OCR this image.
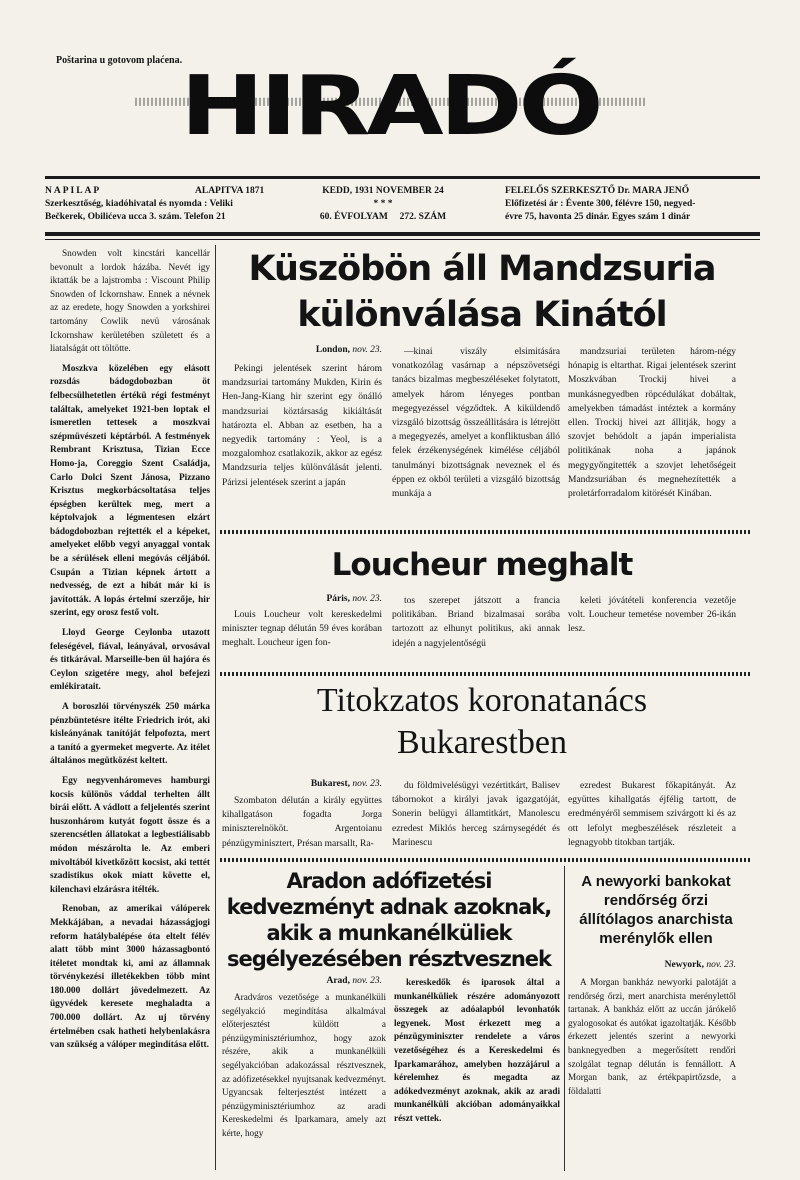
Poštarina u gotovom plaćena.
HIRADÓ
NAPILAP
Szerkesztőség, kiadóhivatal és nyomda : Veliki
Bečkerek, Obilićeva ucca 3. szám. Telefon 21
ALAPITVA 1871	KEDD, 1931 NOVEMBER 24
* * *
60. ÉVFOLYAM 272. SZÁM
FELELŐS SZERKESZTŐ Dr. MARA JENŐ
Előfizetési ár : Évente 300, félévre 150, negyed-
évre 75, havonta 25 dinár. Egyes szám 1 dinár

Snowden volt kincstári kancellár bevonult a lordok házába. Nevét igy iktatták be a lajstromba : Viscount Philip Snowden of Ickornshaw. Ennek a névnek az az eredete, hogy Snowden a yorkshirei tartomány Cowlik nevü városának Ickornshaw kerületében született és a liatalságát ott töltötte.

Moszkva közelében egy elásott rozsdás bádogdobozban öt felbecsülhetetlen értékü régi festményt találtak, amelyeket 1921-ben loptak el ismeretlen tettesek a moszkvai szépmüvészeti képtárból. A festmények Rembrant Krisztusa, Tizian Ecce Homo-ja, Coreggio Szent Családja, Carlo Dolci Szent Jánosa, Pizzano Krisztus megkorbácsoltatása teljes épségben kerültek meg, mert a képtolvajok a légmentesen elzárt bádogdobozban rejtették el a képeket, amelyeket előbb vegyi anyaggal vontak be a sérülések elleni megóvás céljából. Csupán a Tizian képnek ártott a nedvesség, de ezt a hibát már ki is javították. A lopás értelmi szerzője, hir szerint, egy orosz festő volt.

Lloyd George Ceylonba utazott feleségével, fiával, leányával, orvosával és titkárával. Marseille-ben ül hajóra és Ceylon szigetére megy, ahol befejezi emlékiratait.

A boroszlói törvényszék 250 márka pénzbüntetésre itélte Friedrich irót, aki kisleányának tanítóját felpofozta, mert a tanító a gyermeket megverte. Az itélet általános megütközést keltett.

Egy negyvenháromeves hamburgi kocsis különös váddal terhelten állt birái előtt. A vádlott a feljelentés szerint huszonhárom kutyát fogott össze és a szerencsétlen állatokat a legbestiálisabb módon mészárolta le. Az emberi mivoltából kivetkőzött kocsist, aki tettét szadistikus okok miatt követte el, kilenchavi elzárásra itélték.

Renoban, az amerikai válóperek Mekkájában, a nevadai házasságjogi reform hatálybalépése óta eltelt félév alatt több mint 3000 házassagbontó itéletet mondtak ki, ami az államnak törvénykezési illetékekben több mint 180.000 dollárt jövedelmezett. Az ügyvédek keresete meghaladta a 700.000 dollárt. Az uj törvény értelmében csak hatheti helybenlakásra van szükség a válóper megindítása előtt.

Küszöbön áll Mandzsuria különválása Kinától
London, nov. 23.

Pekingi jelentések szerint három mandzsuriai tartomány Mukden, Kirin és Hen-Jang-Kiang hir szerint egy önálló mandzsuriai köztársaság kikiáltását határozta el. Abban az esetben, ha a negyedik tartomány : Yeol, is a mozgalomhoz csatlakozik, akkor az egész Mandzsuria teljes különválását jelenti. Párizsi jelentések szerint a japán

—kinai viszály elsimitására vonatkozólag vasárnap a népszövetségi tanács bizalmas megbeszéléseket folytatott, amelyek három lényeges pontban megegyezéssel végződtek. A kiküldendő vizsgáló bizottság összeállitására is létrejött a megegyezés, amelyet a konfliktusban álló felek érzékenységének kimélése céljából tanulmányi bizottságnak neveznek el és éppen ez okból területi a vizsgáló bizottság munkája a

mandzsuriai területen három-négy hónapig is eltarthat. Rigai jelentések szerint Moszkvában Trockij hivei a munkásnegyedben röpcédulákat dobáltak, amelyekben támadást intéztek a kormány ellen. Trockij hivei azt állitják, hogy a szovjet behódolt a japán imperialista politikának noha a japánok megygyőngitették a szovjet lehetőségeit Mandzsuriában és megnehezítették a proletárforradalom kitörését Kinában.

Loucheur meghalt
Páris, nov. 23.

Louis Loucheur volt kereskedelmi miniszter tegnap délután 59 éves korában meghalt. Loucheur igen fon-

tos szerepet játszott a francia politikában. Briand bizalmasai sorába tartozott az elhunyt politikus, aki annak idején a nagyjelentőségü

keleti jóvátételi konferencia vezetője volt. Loucheur temetése november 26-ikán lesz.

Titokzatos koronatanács
Bukarestben
Bukarest, nov. 23.

Szombaton délután a király együttes kihallgatáson fogadta Jorga miniszterelnököt. Argentoianu pénzügyminisztert, Présan marsallt, Ra-

du földmivelésügyi vezértitkárt, Balisev tábornokot a királyi javak igazgatóját, Sonerin belügyi államtitkárt, Manolescu ezredest Miklós herceg szárnysegédét és Marinescu

ezredest Bukarest főkapitányát. Az együttes kihallgatás éjfélig tartott, de eredményéről semmisem szivárgott ki és az ott lefolyt megbeszélések részleteit a legnagyobb titokban tartják.

Aradon adófizetési kedvezményt adnak azoknak, akik a munkanélküliek segélyezésében résztvesznek
Arad, nov. 23.

Aradváros vezetősége a munkanélküli segélyakció megindítása alkalmával előterjesztést küldött a pénzügyminisztériumhoz, hogy azok részére, akik a munkanélküli segélyakcióban adakozással résztvesznek, az adófizetésekkel nyujtsanak kedvezményt. Ugyancsak felterjesztést intézett a pénzügyminisztériumhoz az aradi Kereskedelmi és Iparkamara, amely azt kérte, hogy

kereskedők és iparosok által a munkanélküliek részére adományozott összegek az adóalapból levonhatók legyenek. Most érkezett meg a pénzügyminiszter rendelete a város vezetőségéhez és a Kereskedelmi és Iparkamarához, amelyben hozzájárul a kérelemhez és megadta az adókedvezményt azoknak, akik az aradi munkanélküli akcióban adományaikkal részt vettek.

A newyorki bankokat rendőrség őrzi állítólagos anarchista merénylők ellen
Newyork, nov. 23.

A Morgan bankház newyorki palotáját a rendőrség őrzi, mert anarchista merénylettől tartanak. A bankház előtt az uccán járókelő gyalogosokat és autókat igazoltatják. Később érkezett jelentés szerint a newyorki banknegyedben a megerősített rendőri szolgálat tegnap délután is fennállott. A Morgan bank, az értékpapirtőzsde, a földalatti
